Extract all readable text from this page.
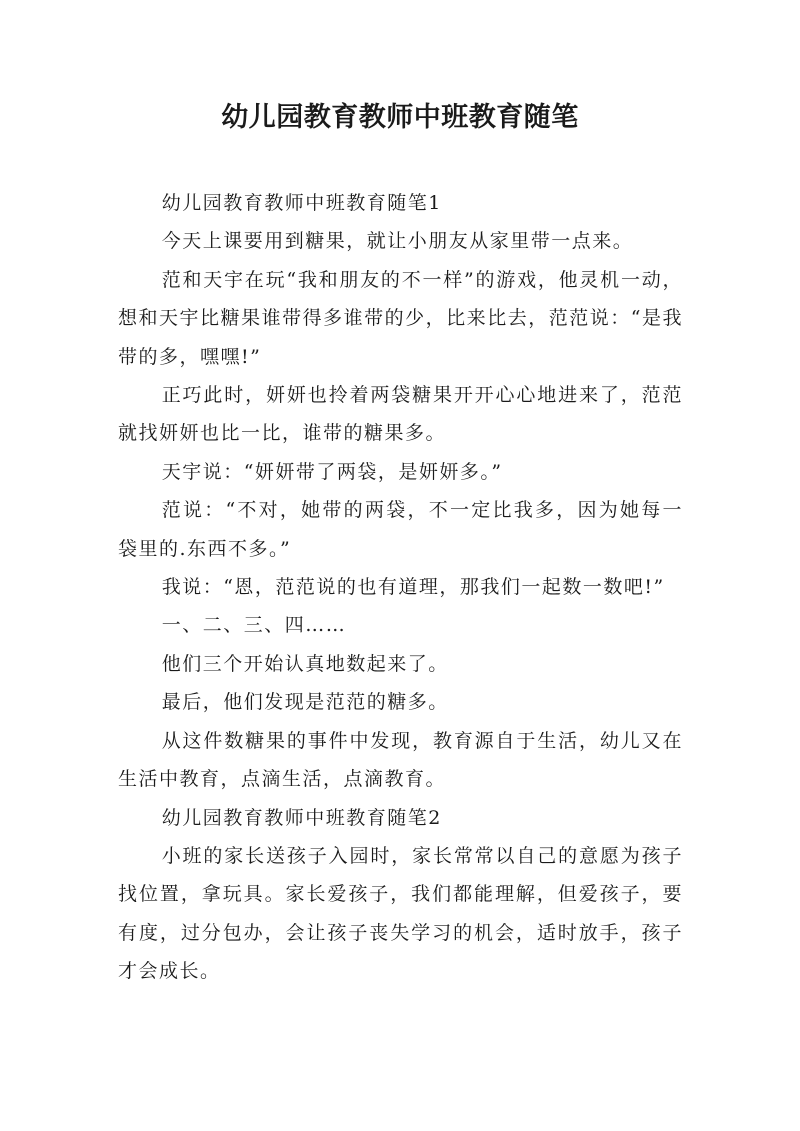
幼儿园教育教师中班教育随笔

幼儿园教育教师中班教育随笔1

今天上课要用到糖果，就让小朋友从家里带一点来。

范和天宇在玩“我和朋友的不一样”的游戏，他灵机一动，想和天宇比糖果谁带得多谁带的少，比来比去，范范说：“是我带的多，嘿嘿!”

正巧此时，妍妍也拎着两袋糖果开开心心地进来了，范范就找妍妍也比一比，谁带的糖果多。

天宇说：“妍妍带了两袋，是妍妍多。”

范说：“不对，她带的两袋，不一定比我多，因为她每一袋里的.东西不多。”

我说：“恩，范范说的也有道理，那我们一起数一数吧!”

一、二、三、四……

他们三个开始认真地数起来了。

最后，他们发现是范范的糖多。

从这件数糖果的事件中发现，教育源自于生活，幼儿又在生活中教育，点滴生活，点滴教育。

幼儿园教育教师中班教育随笔2

小班的家长送孩子入园时，家长常常以自己的意愿为孩子找位置，拿玩具。家长爱孩子，我们都能理解，但爱孩子，要有度，过分包办，会让孩子丧失学习的机会，适时放手，孩子才会成长。
